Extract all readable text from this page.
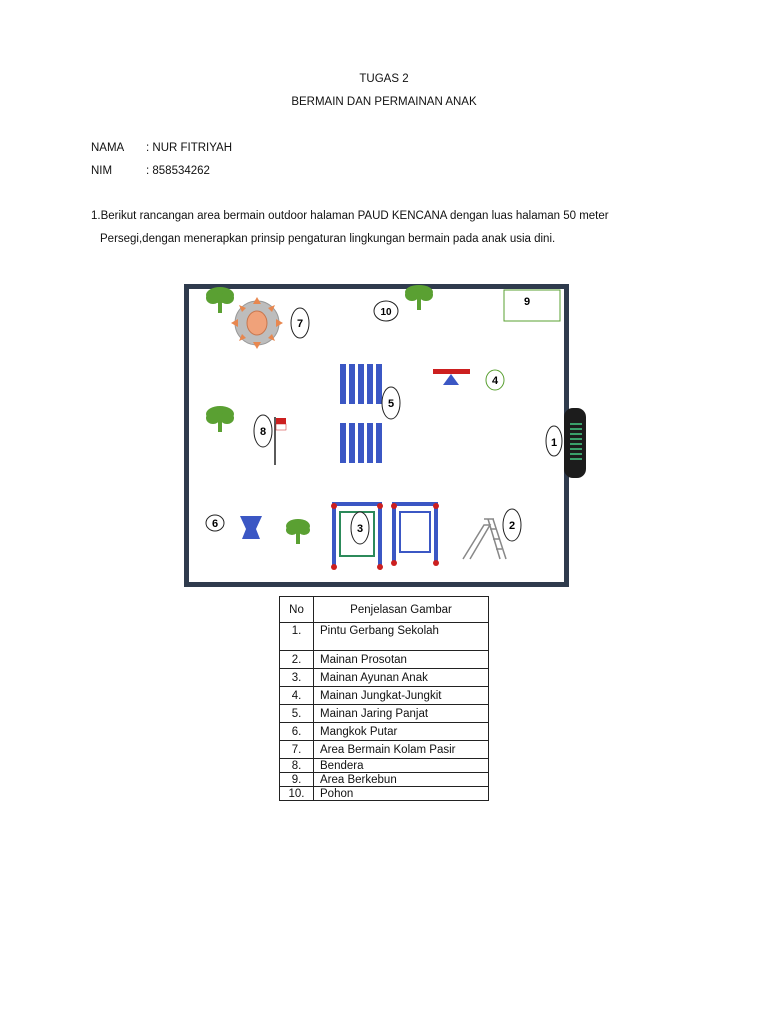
TUGAS 2
BERMAIN DAN PERMAINAN ANAK
NAMA : NUR FITRIYAH
NIM	: 858534262
1.Berikut rancangan area bermain outdoor halaman PAUD KENCANA dengan luas halaman 50 meter
Persegi,dengan menerapkan prinsip pengaturan lingkungan bermain pada anak usia dini.
1
9
10
7
5
4
8
6	3	2
No	Penjelasan Gambar
1.	Pintu Gerbang Sekolah
2.	Mainan Prosotan
3.	Mainan Ayunan Anak
4.	Mainan Jungkat-Jungkit
5.	Mainan Jaring Panjat
6.	Mangkok Putar
7.	Area Bermain Kolam Pasir
8.	Bendera
9.	Area Berkebun
10.	Pohon
